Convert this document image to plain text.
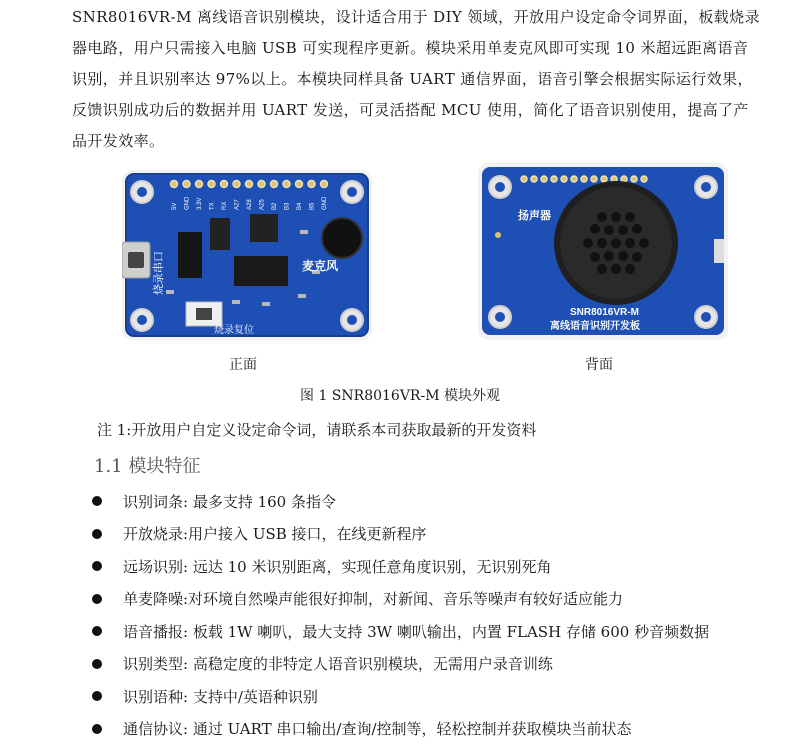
SNR8016VR-M 离线语音识别模块，设计适合用于 DIY 领域，开放用户设定命令词界面，板载烧录器电路，用户只需接入电脑 USB 可实现程序更新。模块采用单麦克风即可实现 10 米超远距离语音识别，并且识别率达 97%以上。本模块同样具备 UART 通信界面，语音引擎会根据实际运行效果，反馈识别成功后的数据并用 UART 发送，可灵活搭配 MCU 使用，简化了语音识别使用，提高了产品开发效率。

5V GND 3.3V TX RX A27 A28 A25 B2 B3 B4 B5 GND
烧录串口	麦克风
烧录复位
扬声器
SNR8016VR-M
离线语音识别开发板
正面	背面
图 1 SNR8016VR-M 模块外观
注 1:开放用户自定义设定命令词，请联系本司获取最新的开发资料
1.1 模块特征
识别词条: 最多支持 160 条指令
开放烧录:用户接入 USB 接口，在线更新程序
远场识别: 远达 10 米识别距离，实现任意角度识别，无识别死角
单麦降噪:对环境自然噪声能很好抑制，对新闻、音乐等噪声有较好适应能力
语音播报: 板载 1W 喇叭，最大支持 3W 喇叭输出，内置 FLASH 存储 600 秒音频数据
识别类型: 高稳定度的非特定人语音识别模块，无需用户录音训练
识别语种: 支持中/英语种识别
通信协议: 通过 UART 串口输出/查询/控制等，轻松控制并获取模块当前状态
